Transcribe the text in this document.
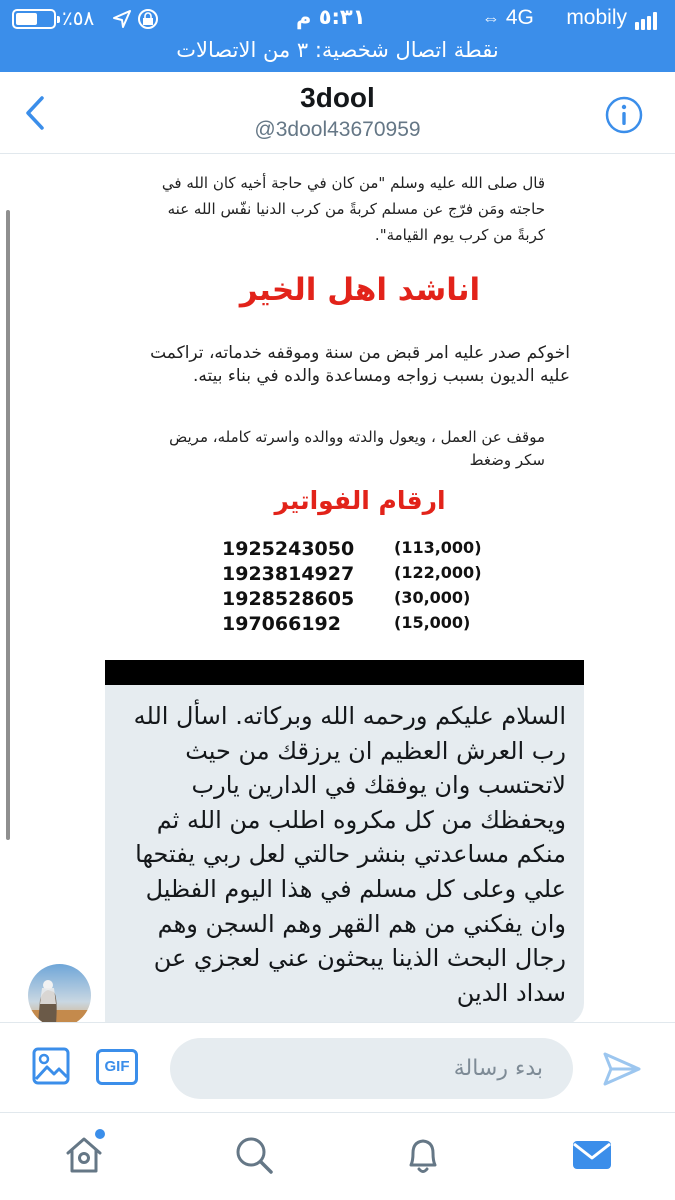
٪٥٨	٥:٣١ م	⇔ 4G mobily
نقطة اتصال شخصية: ٣ من الاتصالات
3dool
@3dool43670959
قال صلى الله عليه وسلم "من كان في حاجة أخيه كان الله في حاجته ومَن فرّج عن مسلم كربةً من كرب الدنيا نفّس الله عنه كربةً من كرب يوم القيامة".
اناشد اهل الخير
اخوكم صدر عليه امر قبض من سنة وموقفه خدماته، تراكمت عليه الديون بسبب زواجه ومساعدة والده في بناء بيته.
موقف عن العمل ، ويعول والدته ووالده واسرته كامله، مريض سكر وضغط
ارقام الفواتير
1925243050 (113,000)
1923814927 (122,000)
1928528605 (30,000)
197066192	(15,000)
السلام عليكم ورحمه الله وبركاته. اسأل الله رب العرش العظيم ان يرزقك من حيث لاتحتسب وان يوفقك في الدارين يارب ويحفظك من كل مكروه اطلب من الله ثم منكم مساعدتي بنشر حالتي لعل ربي يفتحها علي وعلى كل مسلم في هذا اليوم الفظيل وان يفكني من هم القهر وهم السجن وهم رجال البحث الذينا يبحثون عني لعجزي عن سداد الدين
GIF
بدء رسالة
